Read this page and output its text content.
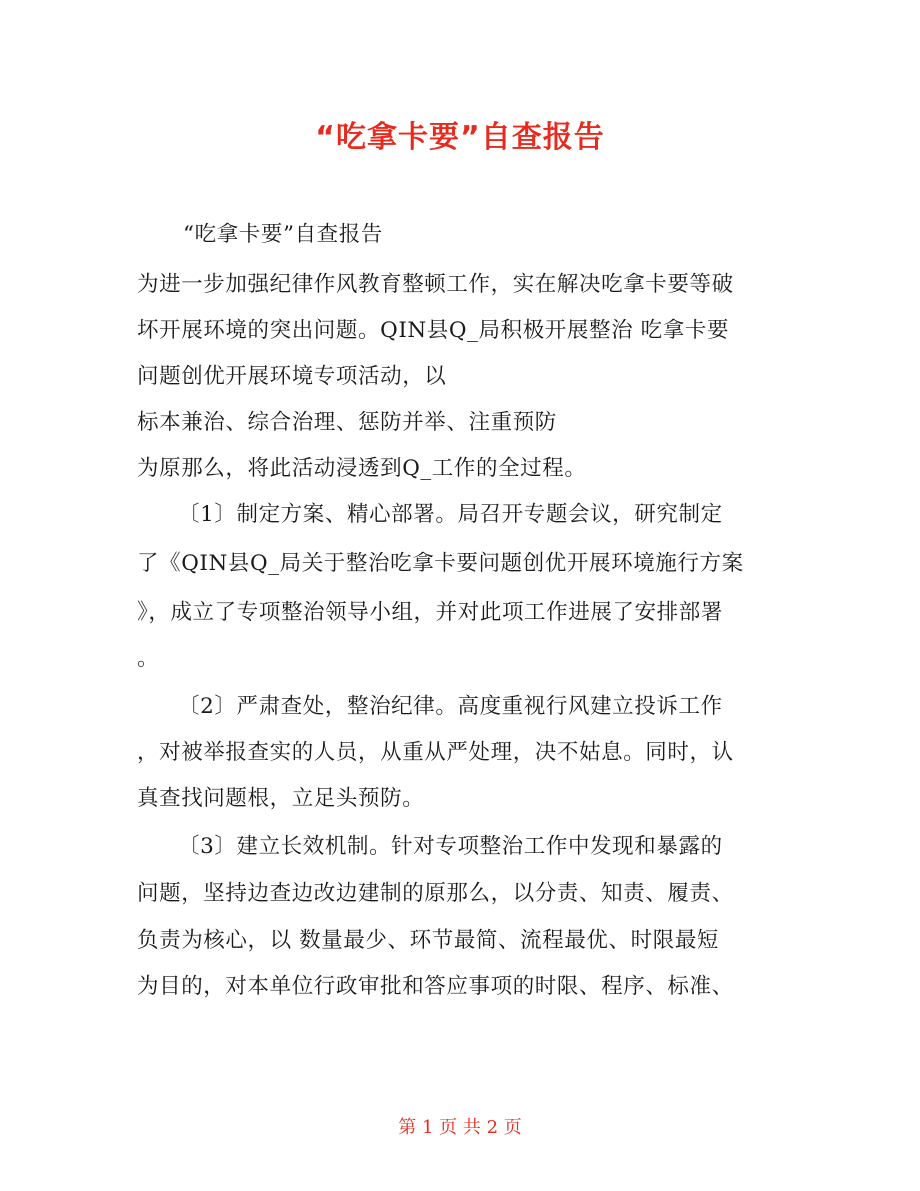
“吃拿卡要”自查报告
“吃拿卡要”自查报告
为进一步加强纪律作风教育整顿工作，实在解决吃拿卡要等破
坏开展环境的突出问题。QIN县Q_局积极开展整治 吃拿卡要
问题创优开展环境专项活动，以
标本兼治、综合治理、惩防并举、注重预防
为原那么，将此活动浸透到Q_工作的全过程。
〔1〕制定方案、精心部署。局召开专题会议，研究制定
了《QIN县Q_局关于整治吃拿卡要问题创优开展环境施行方案
》，成立了专项整治领导小组，并对此项工作进展了安排部署
。
〔2〕严肃查处，整治纪律。高度重视行风建立投诉工作
，对被举报查实的人员，从重从严处理，决不姑息。同时，认
真查找问题根，立足头预防。
〔3〕建立长效机制。针对专项整治工作中发现和暴露的
问题，坚持边查边改边建制的原那么，以分责、知责、履责、
负责为核心，以 数量最少、环节最简、流程最优、时限最短
为目的，对本单位行政审批和答应事项的时限、程序、标准、
第 1 页 共 2 页
